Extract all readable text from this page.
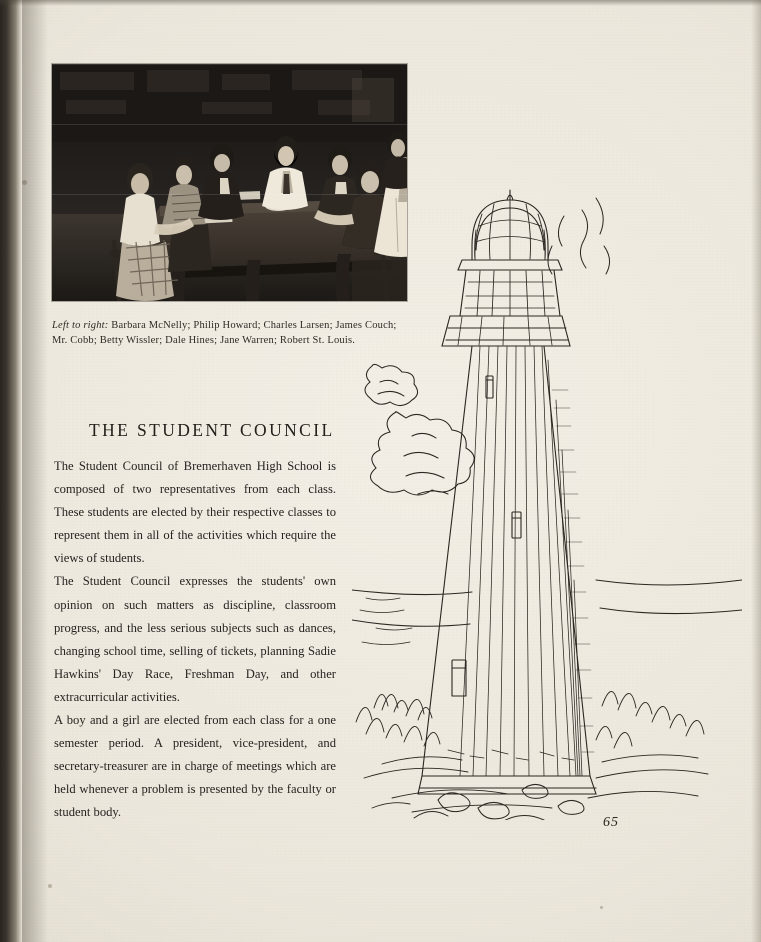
Left to right: Barbara McNelly; Philip Howard; Charles Larsen; James Couch; Mr. Cobb; Betty Wissler; Dale Hines; Jane Warren; Robert St. Louis.
THE STUDENT COUNCIL

The Student Council of Bremerhaven High School is composed of two representatives from each class. These students are elected by their respective classes to represent them in all of the activities which require the views of students.

The Student Council expresses the students' own opinion on such matters as discipline, classroom progress, and the less serious subjects such as dances, changing school time, selling of tickets, planning Sadie Hawkins' Day Race, Freshman Day, and other extracurricular activities.

A boy and a girl are elected from each class for a one semester period. A president, vice-president, and secretary-treasurer are in charge of meetings which are held whenever a problem is presented by the faculty or student body.

65
